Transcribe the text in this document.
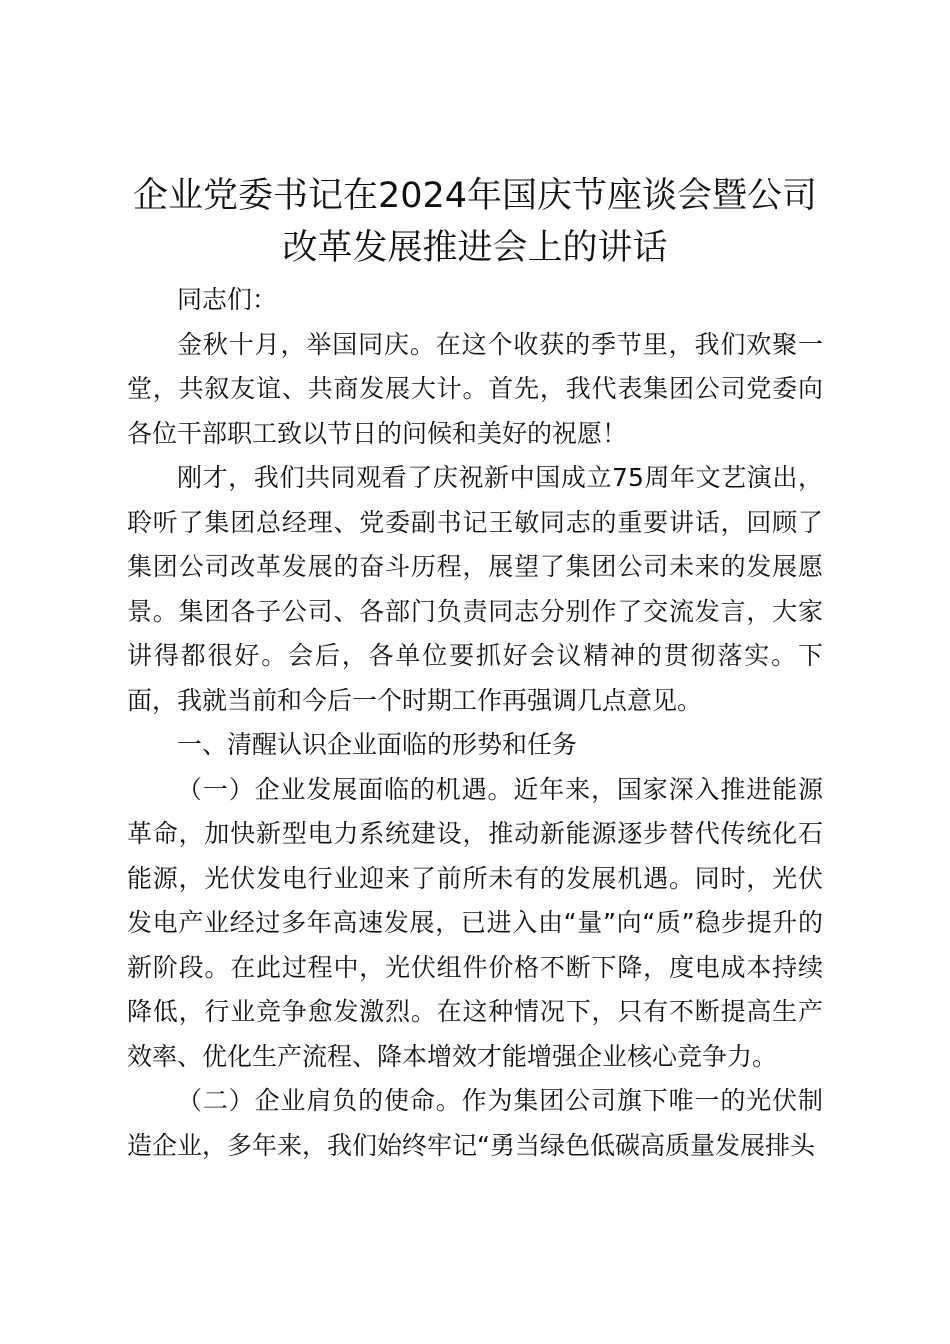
企业党委书记在2024年国庆节座谈会暨公司
改革发展推进会上的讲话

同志们：

金秋十月，举国同庆。在这个收获的季节里，我们欢聚一堂，共叙友谊、共商发展大计。首先，我代表集团公司党委向各位干部职工致以节日的问候和美好的祝愿！

刚才，我们共同观看了庆祝新中国成立75周年文艺演出，聆听了集团总经理、党委副书记王敏同志的重要讲话，回顾了集团公司改革发展的奋斗历程，展望了集团公司未来的发展愿景。集团各子公司、各部门负责同志分别作了交流发言，大家讲得都很好。会后，各单位要抓好会议精神的贯彻落实。下面，我就当前和今后一个时期工作再强调几点意见。

一、清醒认识企业面临的形势和任务

（一）企业发展面临的机遇。近年来，国家深入推进能源革命，加快新型电力系统建设，推动新能源逐步替代传统化石能源，光伏发电行业迎来了前所未有的发展机遇。同时，光伏发电产业经过多年高速发展，已进入由“量”向“质”稳步提升的新阶段。在此过程中，光伏组件价格不断下降，度电成本持续降低，行业竞争愈发激烈。在这种情况下，只有不断提高生产效率、优化生产流程、降本增效才能增强企业核心竞争力。

（二）企业肩负的使命。作为集团公司旗下唯一的光伏制造企业，多年来，我们始终牢记“勇当绿色低碳高质量发展排头
